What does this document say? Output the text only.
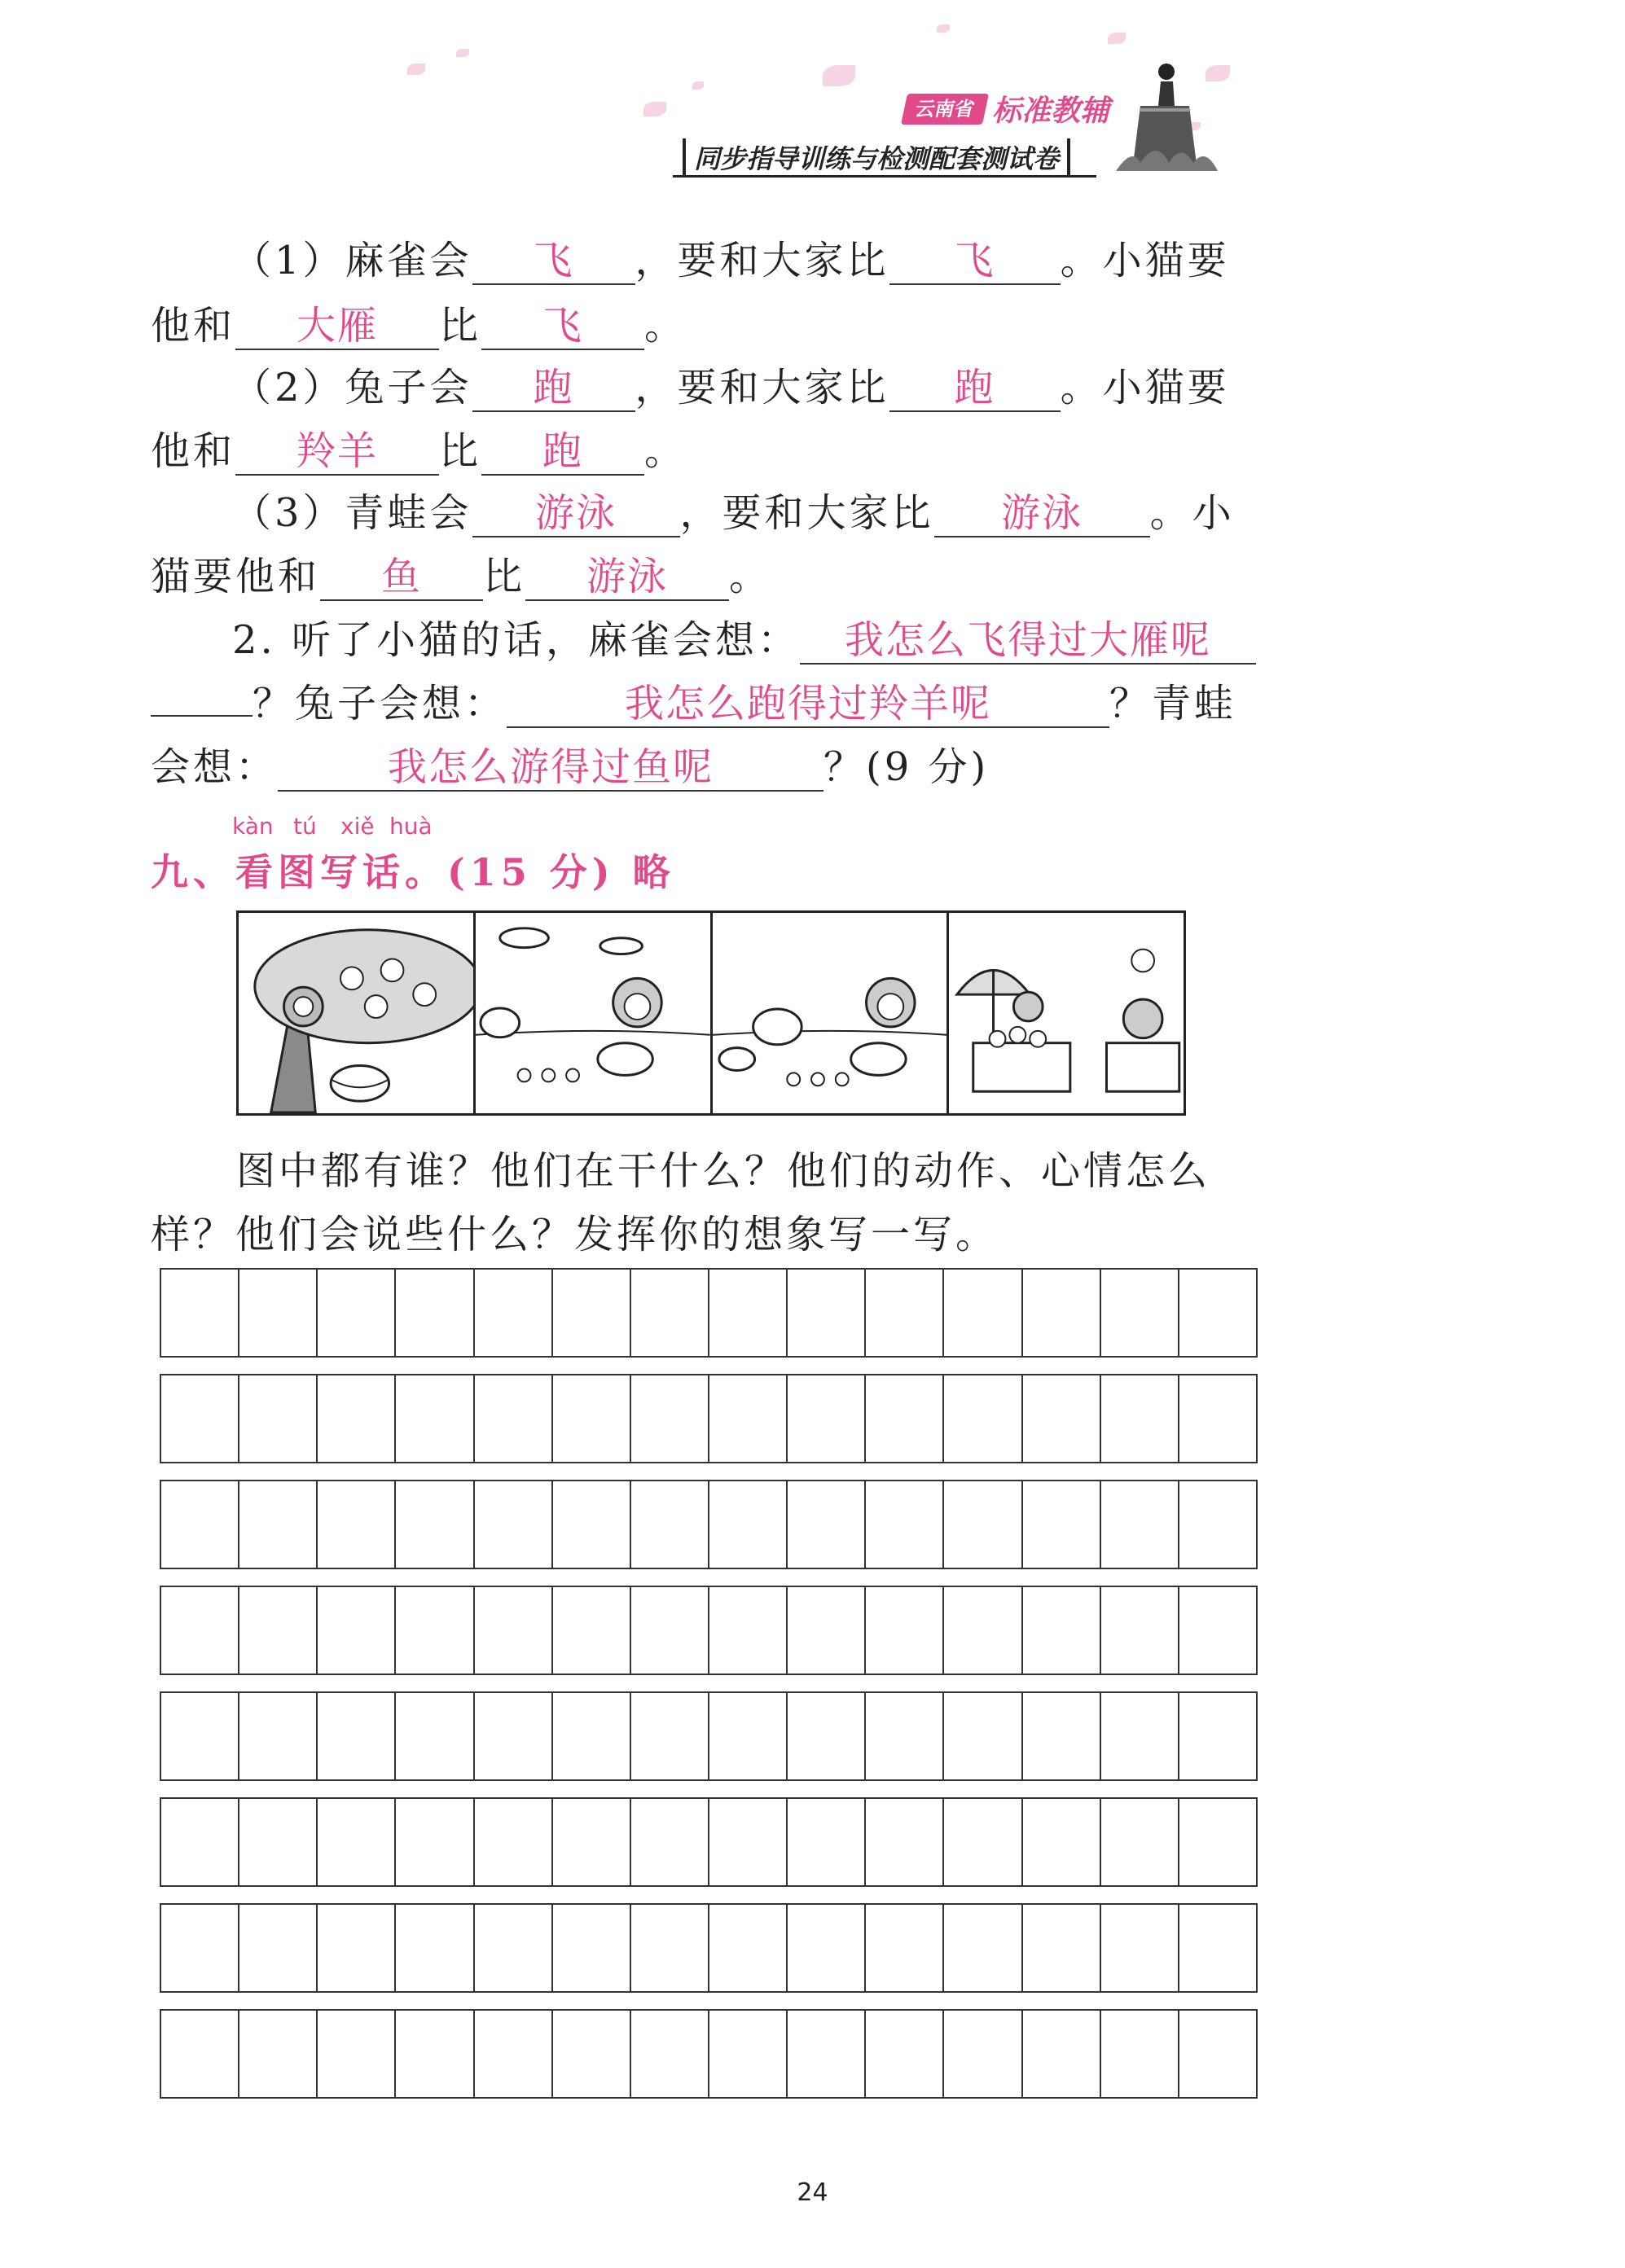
云南省 标准教辅
同步指导训练与检测配套测试卷
（1）麻雀会 飞 ，要和大家比 飞 。小猫要
他和 大雁 比 飞 。
（2）兔子会 跑 ，要和大家比 跑 。小猫要
他和 羚羊 比 跑 。
（3）青蛙会 游泳 ，要和大家比 游泳 。小
猫要他和 鱼 比 游泳 。
2. 听了小猫的话，麻雀会想： 我怎么飞得过大雁呢
？兔子会想：	我怎么跑得过羚羊呢	？青蛙
会想：	我怎么游得过鱼呢	？(9 分)
kàn tú xiě huà
九、看图写话。(15 分) 略
图中都有谁？他们在干什么？他们的动作、心情怎么
样？他们会说些什么？发挥你的想象写一写。
24
